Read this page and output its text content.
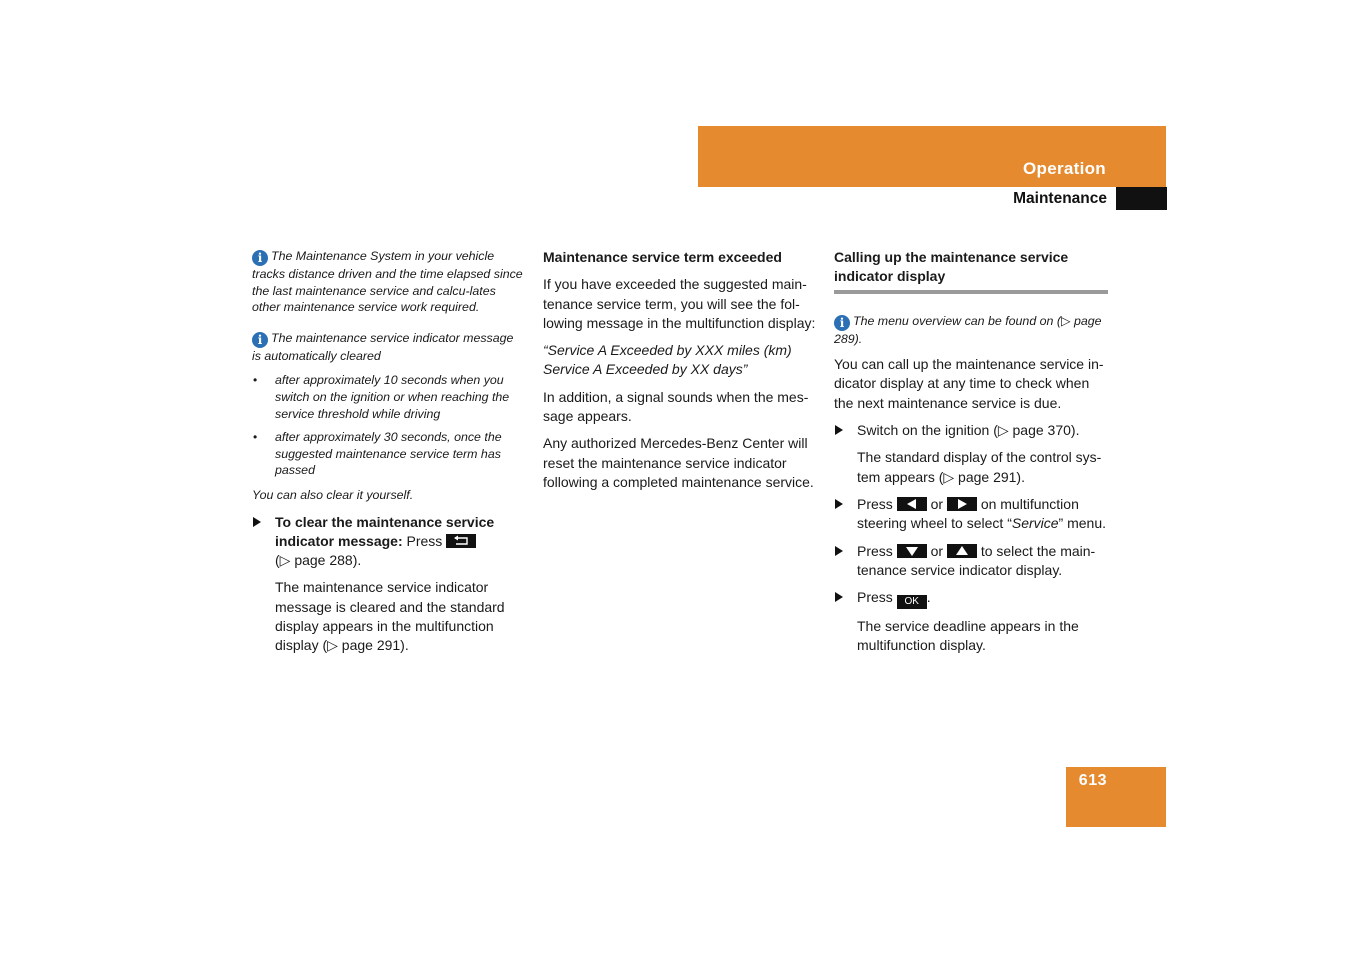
Operation
Maintenance

i The Maintenance System in your vehicle tracks distance driven and the time elapsed since the last maintenance service and calcu-lates other maintenance service work required.

i The maintenance service indicator message is automatically cleared

• after approximately 10 seconds when you switch on the ignition or when reaching the service threshold while driving
• after approximately 30 seconds, once the suggested maintenance service term has passed

You can also clear it yourself.

To clear the maintenance service indicator message: Press

(▷ page 288).

The maintenance service indicator message is cleared and the standard display appears in the multifunction display (▷ page 291).

Maintenance service term exceeded

If you have exceeded the suggested main-tenance service term, you will see the fol-lowing message in the multifunction display:

“Service A Exceeded by XXX miles (km) Service A Exceeded by XX days”

In addition, a signal sounds when the mes-sage appears.

Any authorized Mercedes-Benz Center will reset the maintenance service indicator following a completed maintenance service.

Calling up the maintenance service indicator display

i The menu overview can be found on (▷ page 289).

You can call up the maintenance service in-dicator display at any time to check when the next maintenance service is due.

Switch on the ignition (▷ page 370).

The standard display of the control sys-tem appears (▷ page 291).

Press	or	on multifunction steering wheel to select “Service” menu.
Press	or	to select the main-tenance service indicator display.
Press OK .

The service deadline appears in the multifunction display.

613
